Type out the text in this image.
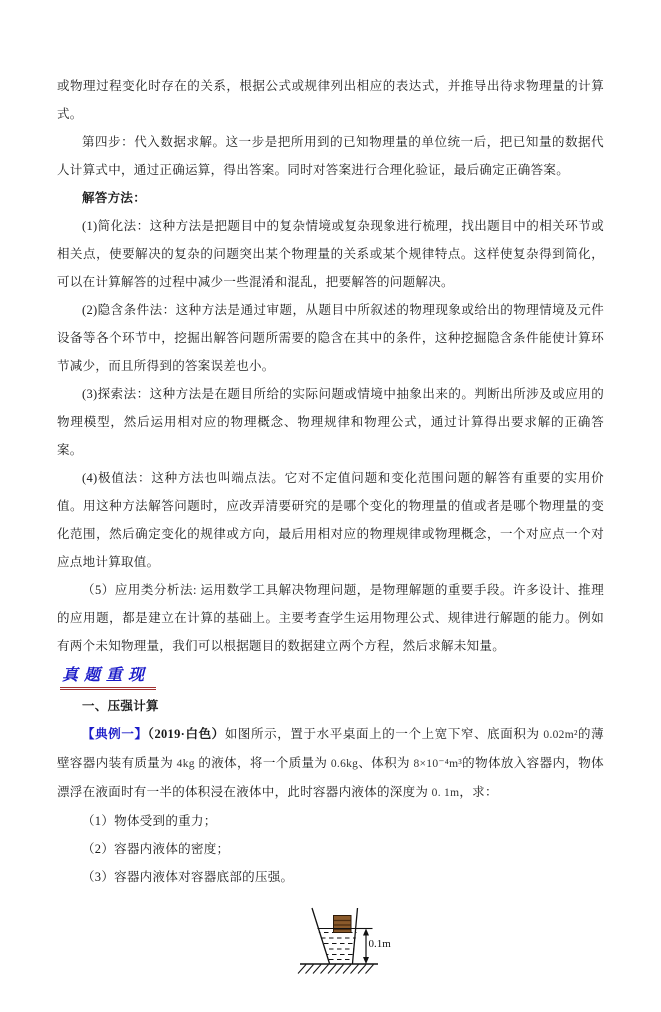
或物理过程变化时存在的关系，根据公式或规律列出相应的表达式，并推导出待求物理量的计算式。

第四步：代入数据求解。这一步是把所用到的已知物理量的单位统一后，把已知量的数据代人计算式中，通过正确运算，得出答案。同时对答案进行合理化验证，最后确定正确答案。

解答方法：

(1)简化法：这种方法是把题目中的复杂情境或复杂现象进行梳理，找出题目中的相关环节或相关点，使要解决的复杂的问题突出某个物理量的关系或某个规律特点。这样使复杂得到简化，可以在计算解答的过程中减少一些混淆和混乱，把要解答的问题解决。

(2)隐含条件法：这种方法是通过审题，从题目中所叙述的物理现象或给出的物理情境及元件设备等各个环节中，挖掘出解答问题所需要的隐含在其中的条件，这种挖掘隐含条件能使计算环节减少，而且所得到的答案误差也小。

(3)探索法：这种方法是在题目所给的实际问题或情境中抽象出来的。判断出所涉及或应用的物理模型，然后运用相对应的物理概念、物理规律和物理公式，通过计算得出要求解的正确答案。

(4)极值法：这种方法也叫端点法。它对不定值问题和变化范围问题的解答有重要的实用价值。用这种方法解答问题时，应改弄清要研究的是哪个变化的物理量的值或者是哪个物理量的变化范围，然后确定变化的规律或方向，最后用相对应的物理规律或物理概念，一个对应点一个对应点地计算取值。

（5）应用类分析法: 运用数学工具解决物理问题，是物理解题的重要手段。许多设计、推理的应用题，都是建立在计算的基础上。主要考查学生运用物理公式、规律进行解题的能力。例如有两个未知物理量，我们可以根据题目的数据建立两个方程，然后求解未知量。

真题重现

一、压强计算

【典例一】（2019·白色）如图所示，置于水平桌面上的一个上宽下窄、底面积为 0.02m²的薄壁容器内装有质量为 4kg 的液体，将一个质量为 0.6kg、体积为 8×10⁻⁴m³的物体放入容器内，物体漂浮在液面时有一半的体积浸在液体中，此时容器内液体的深度为 0. 1m，求：

（1）物体受到的重力；

（2）容器内液体的密度；

（3）容器内液体对容器底部的压强。

0.1m
